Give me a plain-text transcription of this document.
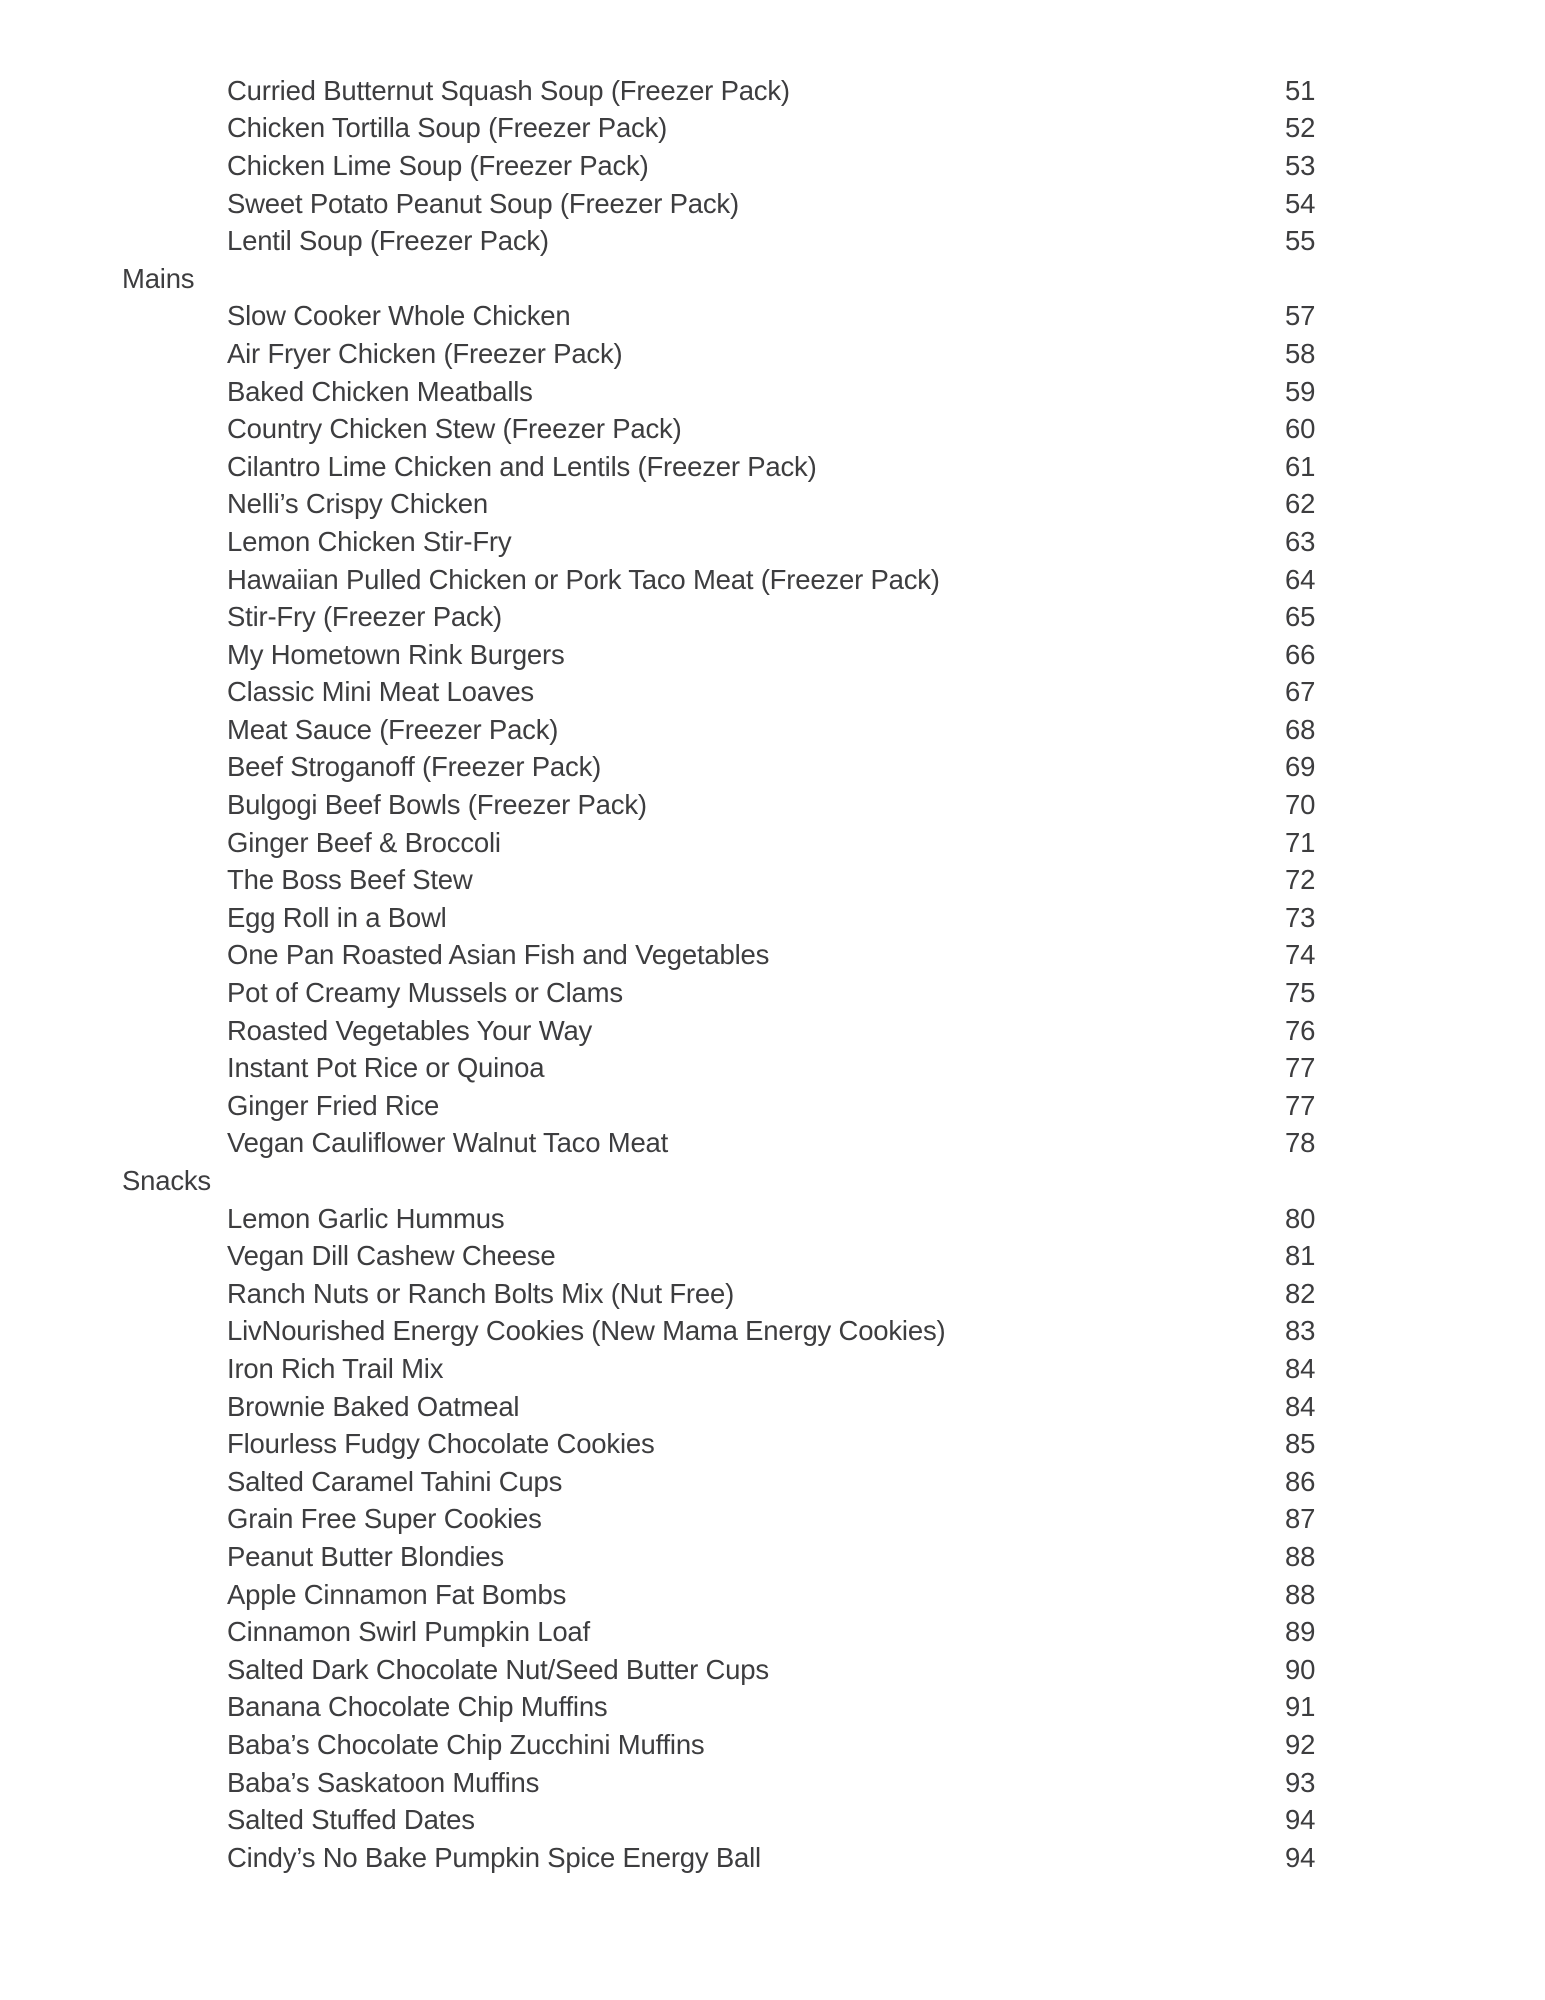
Curried Butternut Squash Soup (Freezer Pack)	51
Chicken Tortilla Soup (Freezer Pack)	52
Chicken Lime Soup (Freezer Pack)	53
Sweet Potato Peanut Soup (Freezer Pack)	54
Lentil Soup (Freezer Pack)	55
Mains
Slow Cooker Whole Chicken	57
Air Fryer Chicken (Freezer Pack)	58
Baked Chicken Meatballs	59
Country Chicken Stew (Freezer Pack)	60
Cilantro Lime Chicken and Lentils (Freezer Pack)	61
Nelli’s Crispy Chicken	62
Lemon Chicken Stir-Fry	63
Hawaiian Pulled Chicken or Pork Taco Meat (Freezer Pack)	64
Stir-Fry (Freezer Pack)	65
My Hometown Rink Burgers	66
Classic Mini Meat Loaves	67
Meat Sauce (Freezer Pack)	68
Beef Stroganoff (Freezer Pack)	69
Bulgogi Beef Bowls (Freezer Pack)	70
Ginger Beef & Broccoli	71
The Boss Beef Stew	72
Egg Roll in a Bowl	73
One Pan Roasted Asian Fish and Vegetables	74
Pot of Creamy Mussels or Clams	75
Roasted Vegetables Your Way	76
Instant Pot Rice or Quinoa	77
Ginger Fried Rice	77
Vegan Cauliflower Walnut Taco Meat	78
Snacks
Lemon Garlic Hummus	80
Vegan Dill Cashew Cheese	81
Ranch Nuts or Ranch Bolts Mix (Nut Free)	82
LivNourished Energy Cookies (New Mama Energy Cookies)	83
Iron Rich Trail Mix	84
Brownie Baked Oatmeal	84
Flourless Fudgy Chocolate Cookies	85
Salted Caramel Tahini Cups	86
Grain Free Super Cookies	87
Peanut Butter Blondies	88
Apple Cinnamon Fat Bombs	88
Cinnamon Swirl Pumpkin Loaf	89
Salted Dark Chocolate Nut/Seed Butter Cups	90
Banana Chocolate Chip Muffins	91
Baba’s Chocolate Chip Zucchini Muffins	92
Baba’s Saskatoon Muffins	93
Salted Stuffed Dates	94
Cindy’s No Bake Pumpkin Spice Energy Ball	94
